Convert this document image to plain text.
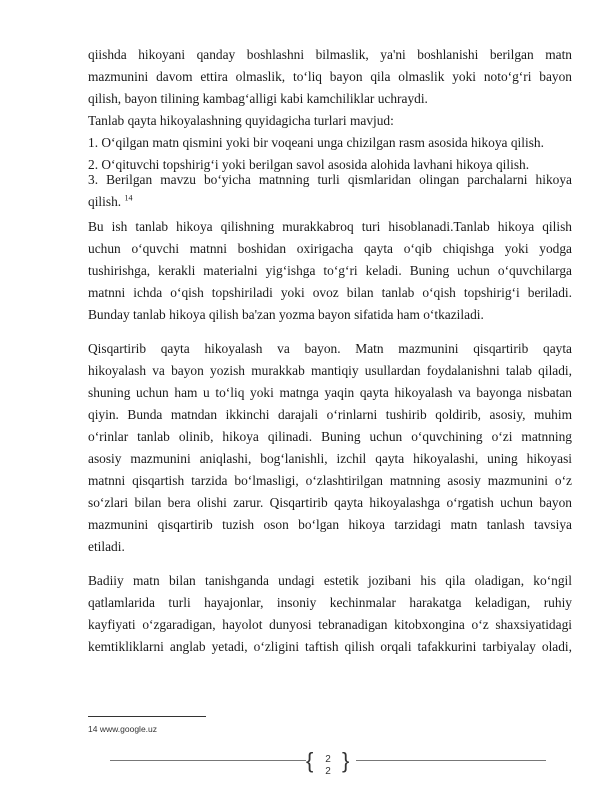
qiishda hikoyani qanday boshlashni bilmaslik, ya'ni boshlanishi berilgan matn
mazmunini davom ettira olmaslik, to‘liq bayon qila olmaslik yoki noto‘g‘ri bayon
qilish, bayon tilining kambag‘alligi kabi kamchiliklar uchraydi.
Tanlab qayta hikoyalashning quyidagicha turlari mavjud:
1. O‘qilgan matn qismini yoki bir voqeani unga chizilgan rasm asosida hikoya qilish.
2. O‘qituvchi topshirig‘i yoki berilgan savol asosida alohida lavhani hikoya qilish.
3. Berilgan mavzu bo‘yicha matnning turli qismlaridan olingan parchalarni hikoya
qilish. $^{14}$
Bu ish tanlab hikoya qilishning murakkabroq turi hisoblanadi.Tanlab hikoya qilish
uchun o‘quvchi matnni boshidan oxirigacha qayta o‘qib chiqishga yoki yodga
tushirishga, kerakli materialni yig‘ishga to‘g‘ri keladi. Buning uchun o‘quvchilarga
matnni ichda o‘qish topshiriladi yoki ovoz bilan tanlab o‘qish topshirig‘i beriladi.
Bunday tanlab hikoya qilish ba'zan yozma bayon sifatida ham o‘tkaziladi.
Qisqartirib qayta hikoyalash va bayon. Matn mazmunini qisqartirib qayta
hikoyalash va bayon yozish murakkab mantiqiy usullardan foydalanishni talab qiladi,
shuning uchun ham u to‘liq yoki matnga yaqin qayta hikoyalash va bayonga nisbatan
qiyin. Bunda matndan ikkinchi darajali o‘rinlarni tushirib qoldirib, asosiy, muhim
o‘rinlar tanlab olinib, hikoya qilinadi. Buning uchun o‘quvchining o‘zi matnning
asosiy mazmunini aniqlashi, bog‘lanishli, izchil qayta hikoyalashi, uning hikoyasi
matnni qisqartish tarzida bo‘lmasligi, o‘zlashtirilgan matnning asosiy mazmunini o‘z
so‘zlari bilan bera olishi zarur. Qisqartirib qayta hikoyalashga o‘rgatish uchun bayon
mazmunini qisqartirib tuzish oson bo‘lgan hikoya tarzidagi matn tanlash tavsiya
etiladi.
Badiiy matn bilan tanishganda undagi estetik jozibani his qila oladigan, ko‘ngil
qatlamlarida turli hayajonlar, insoniy kechinmalar harakatga keladigan, ruhiy
kayfiyati o‘zgaradigan, hayolot dunyosi tebranadigan kitobxongina o‘z shaxsiyatidagi
kemtikliklarni anglab yetadi, o‘zligini taftish qilish orqali tafakkurini tarbiyalay oladi,
14 www.google.uz
{	2
2 }
